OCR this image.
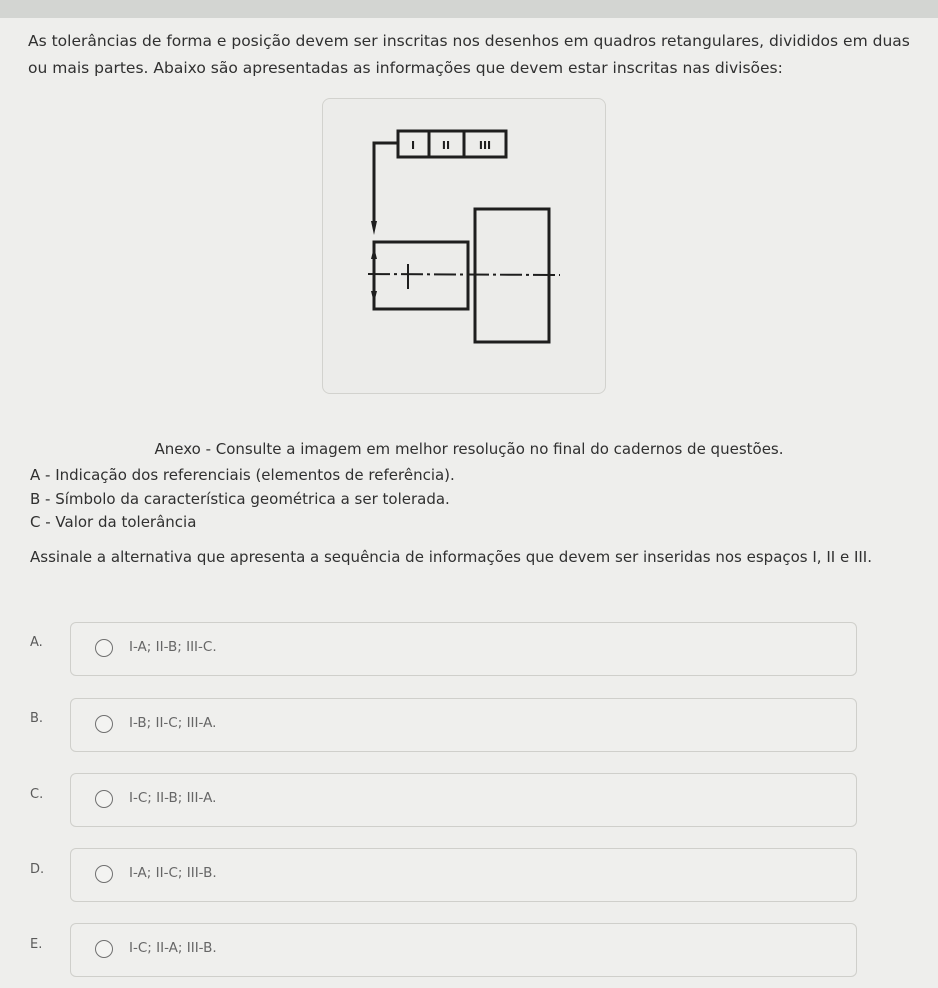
As tolerâncias de forma e posição devem ser inscritas nos desenhos em quadros retangulares, divididos em duas ou mais partes. Abaixo são apresentadas as informações que devem estar inscritas nas divisões:
I II	III
Anexo - Consulte a imagem em melhor resolução no final do cadernos de questões.

A - Indicação dos referenciais (elementos de referência).

B - Símbolo da característica geométrica a ser tolerada.

C - Valor da tolerância

Assinale a alternativa que apresenta a sequência de informações que devem ser inseridas nos espaços I, II e III.
A.	I-A; II-B; III-C.
B.	I-B; II-C; III-A.
C.	I-C; II-B; III-A.
D.	I-A; II-C; III-B.
E.	I-C; II-A; III-B.
